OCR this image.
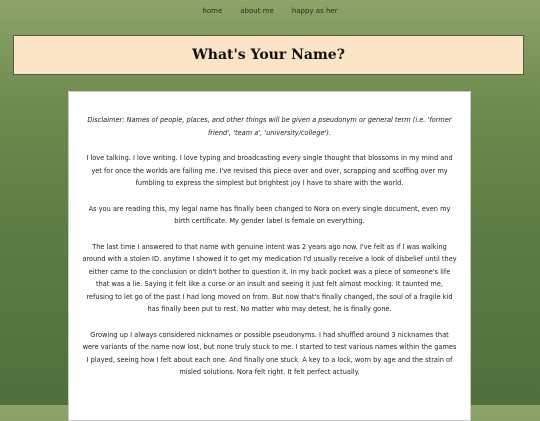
home	about me	happy as her
What's Your Name?

Disclaimer: Names of people, places, and other things will be given a pseudonym or general term (i.e. 'former friend', 'team a', 'university/college').

I love talking. I love writing. I love typing and broadcasting every single thought that blossoms in my mind and yet for once the worlds are failing me. I've revised this piece over and over, scrapping and scoffing over my fumbling to express the simplest but brightest joy I have to share with the world.

As you are reading this, my legal name has finally been changed to Nora on every single document, even my birth certificate. My gender label is female on everything.

The last time I answered to that name with genuine intent was 2 years ago now. I've felt as if I was walking around with a stolen ID. anytime I showed it to get my medication I'd usually receive a look of disbelief until they either came to the conclusion or didn't bother to question it. In my back pocket was a piece of someone's life that was a lie. Saying it felt like a curse or an insult and seeing it just felt almost mocking. It taunted me, refusing to let go of the past I had long moved on from. But now that's finally changed, the soul of a fragile kid has finally been put to rest. No matter who may detest, he is finally gone.

Growing up I always considered nicknames or possible pseudonyms. I had shuffled around 3 nicknames that were variants of the name now lost, but none truly stuck to me. I started to test various names within the games I played, seeing how I felt about each one. And finally one stuck. A key to a lock, worn by age and the strain of misled solutions. Nora felt right. It felt perfect actually.
